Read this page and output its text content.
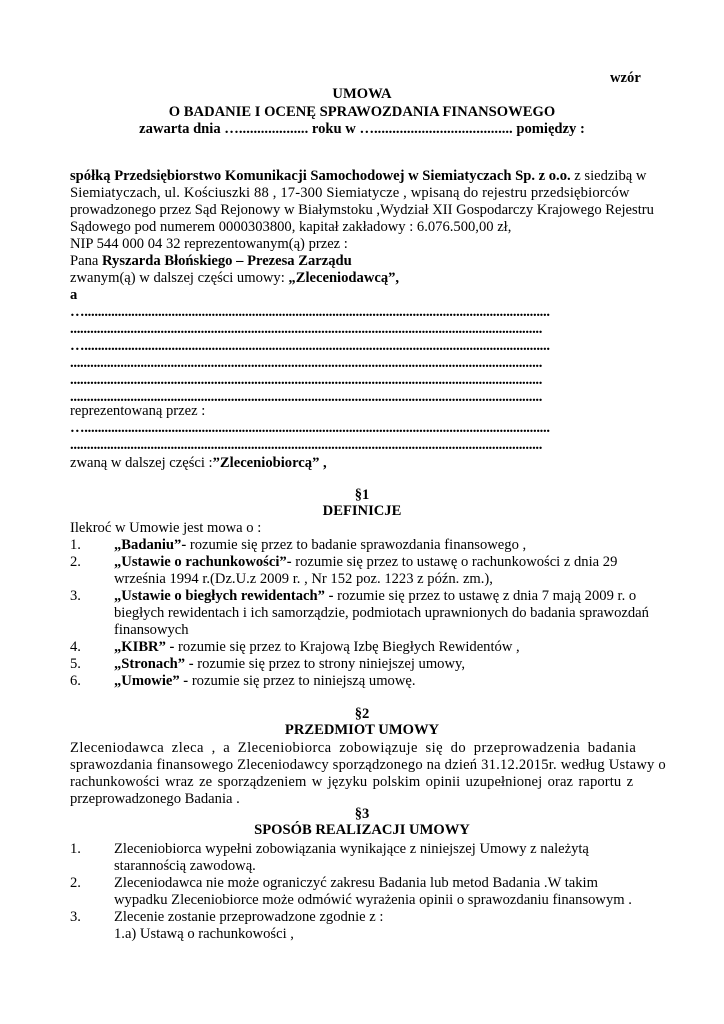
wzór
UMOWA
O BADANIE I OCENĘ SPRAWOZDANIA FINANSOWEGO
zawarta dnia …................... roku w …...................................... pomiędzy :
spółką Przedsiębiorstwo Komunikacji Samochodowej w Siemiatyczach Sp. z o.o. z siedzibą w
Siemiatyczach, ul. Kościuszki 88 , 17-300 Siemiatycze , wpisaną do rejestru przedsiębiorców
prowadzonego przez Sąd Rejonowy w Białymstoku ,Wydział XII Gospodarczy Krajowego Rejestru
Sądowego pod numerem 0000303800, kapitał zakładowy : 6.076.500,00 zł,
NIP 544 000 04 32 reprezentowanym(ą) przez :
Pana Ryszarda Błońskiego – Prezesa Zarządu
zwanym(ą) w dalszej części umowy: „Zleceniodawcą”,
a
…...........................................................................................................................................
.............................................................................................................................................
…...........................................................................................................................................
.............................................................................................................................................
.............................................................................................................................................
.............................................................................................................................................
reprezentowaną przez :
…...........................................................................................................................................
.............................................................................................................................................
zwaną w dalszej części :”Zleceniobiorcą” ,
§1
DEFINICJE
Ilekroć w Umowie jest mowa o :
1. „Badaniu”- rozumie się przez to badanie sprawozdania finansowego ,
2. „Ustawie o rachunkowości”- rozumie się przez to ustawę o rachunkowości z dnia 29
września 1994 r.(Dz.U.z 2009 r. , Nr 152 poz. 1223 z późn. zm.),
3. „Ustawie o biegłych rewidentach” - rozumie się przez to ustawę z dnia 7 mają 2009 r. o
biegłych rewidentach i ich samorządzie, podmiotach uprawnionych do badania sprawozdań
finansowych
4. „KIBR” - rozumie się przez to Krajową Izbę Biegłych Rewidentów ,
5. „Stronach” - rozumie się przez to strony niniejszej umowy,
6. „Umowie” - rozumie się przez to niniejszą umowę.
§2
PRZEDMIOT UMOWY
Zleceniodawca zleca , a Zleceniobiorca zobowiązuje się do przeprowadzenia badania
sprawozdania finansowego Zleceniodawcy sporządzonego na dzień 31.12.2015r. według Ustawy o
rachunkowości wraz ze sporządzeniem w języku polskim opinii uzupełnionej oraz raportu z
przeprowadzonego Badania .
§3
SPOSÓB REALIZACJI UMOWY
1. Zleceniobiorca wypełni zobowiązania wynikające z niniejszej Umowy z należytą
starannością zawodową.
2. Zleceniodawca nie może ograniczyć zakresu Badania lub metod Badania .W takim
wypadku Zleceniobiorce może odmówić wyrażenia opinii o sprawozdaniu finansowym .
3. Zlecenie zostanie przeprowadzone zgodnie z :
1.a) Ustawą o rachunkowości ,
